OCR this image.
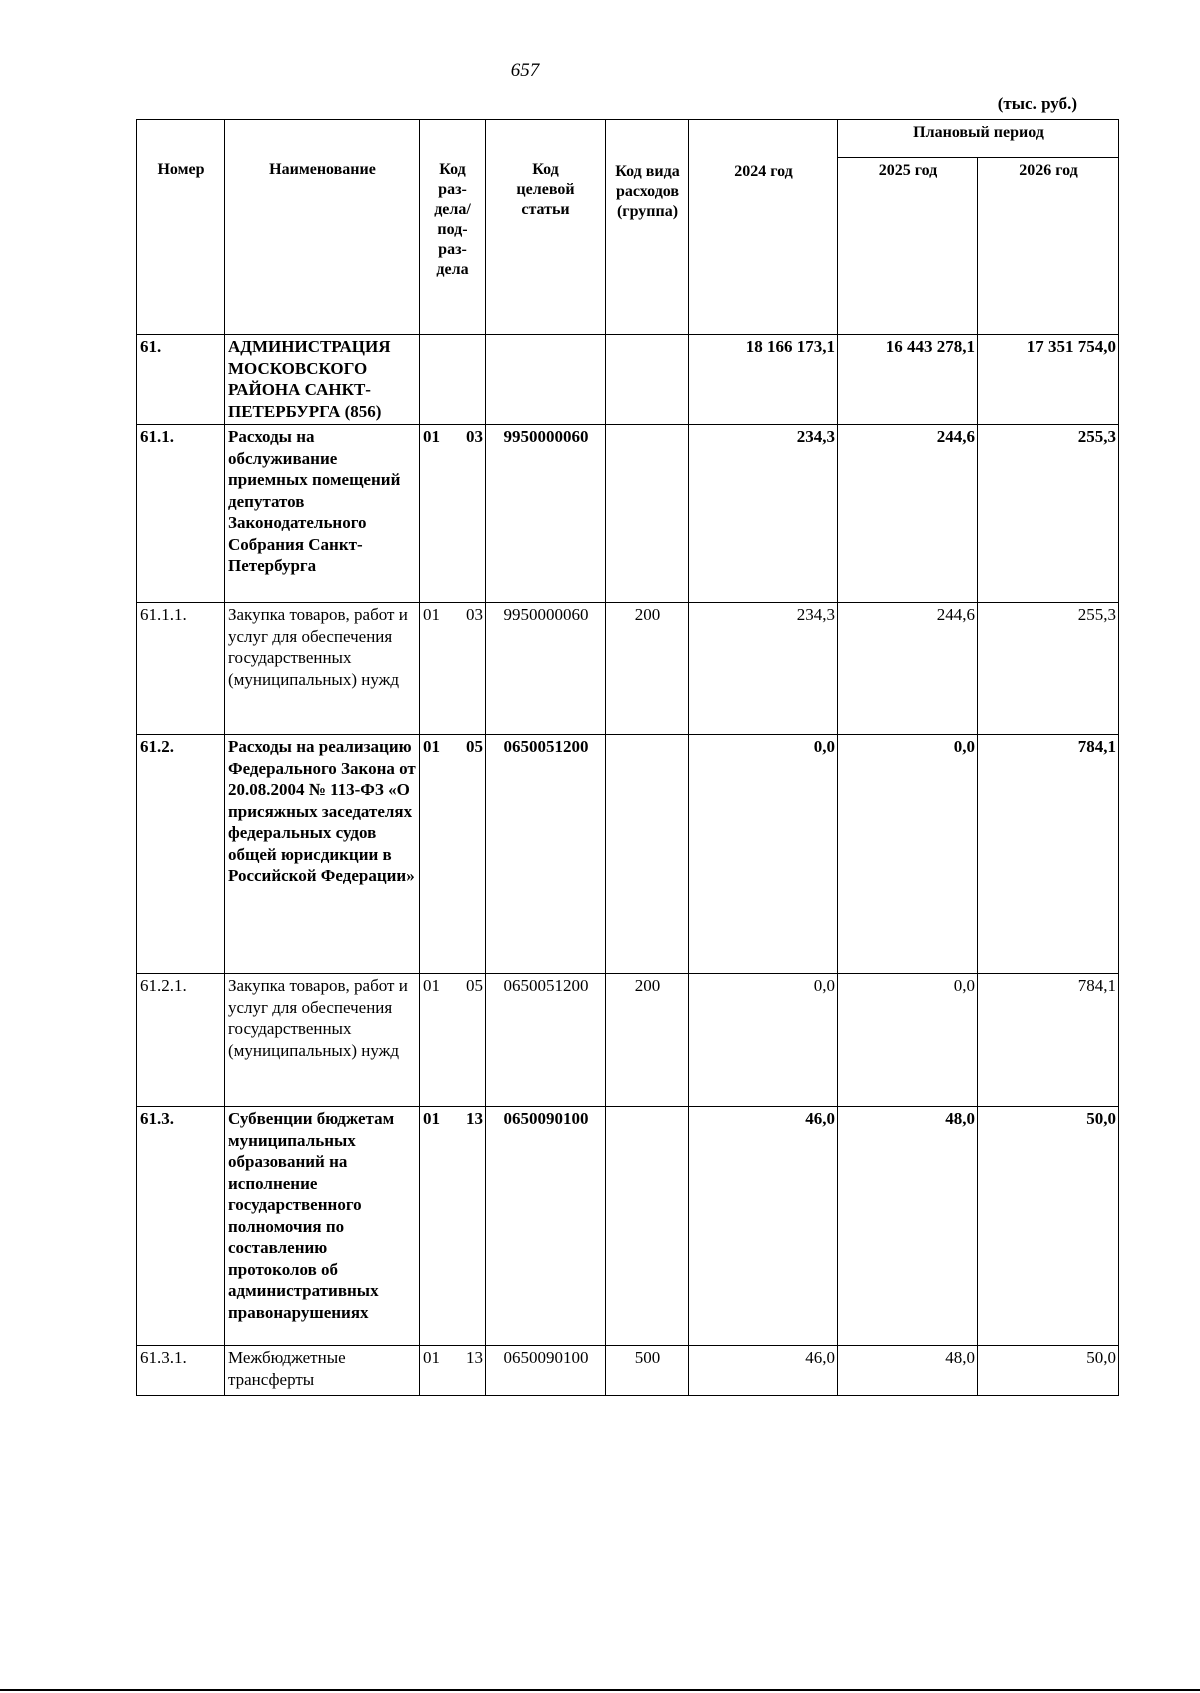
657
(тыс. руб.)
Номер	Наименование	Код раз-дела/ под-раз-дела	Код целевой статьи	Код вида расходов (группа)	2024 год	Плановый период	
						2025 год	2026 год
61.	АДМИНИСТРАЦИЯ МОСКОВСКОГО РАЙОНА САНКТ-ПЕТЕРБУРГА (856)				18 166 173,1	16 443 278,1	17 351 754,0
61.1.	Расходы на обслуживание приемных помещений депутатов Законодательного Собрания Санкт-Петербурга	01 03	9950000060		234,3	244,6	255,3
61.1.1.	Закупка товаров, работ и услуг для обеспечения государственных (муниципальных) нужд	01 03	9950000060	200	234,3	244,6	255,3
61.2.	Расходы на реализацию Федерального Закона от 20.08.2004 № 113-ФЗ «О присяжных заседателях федеральных судов общей юрисдикции в Российской Федерации»	01 05	0650051200		0,0	0,0	784,1
61.2.1.	Закупка товаров, работ и услуг для обеспечения государственных (муниципальных) нужд	01 05	0650051200	200	0,0	0,0	784,1
61.3.	Субвенции бюджетам муниципальных образований на исполнение государственного полномочия по составлению протоколов об административных правонарушениях	01 13	0650090100		46,0	48,0	50,0
61.3.1.	Межбюджетные трансферты	01 13	0650090100	500	46,0	48,0	50,0
